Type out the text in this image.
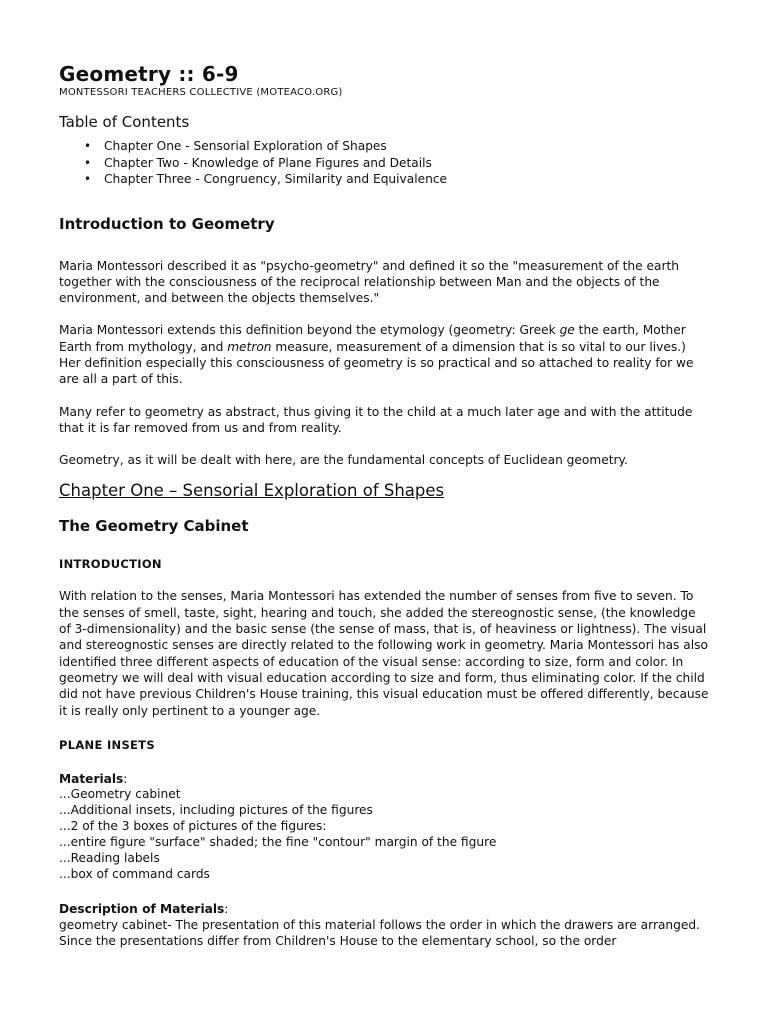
Geometry :: 6-9
MONTESSORI TEACHERS COLLECTIVE (MOTEACO.ORG)
Table of Contents
• Chapter One - Sensorial Exploration of Shapes
• Chapter Two - Knowledge of Plane Figures and Details
• Chapter Three - Congruency, Similarity and Equivalence
Introduction to Geometry

Maria Montessori described it as "psycho-geometry" and defined it so the "measurement of the earth together with the consciousness of the reciprocal relationship between Man and the objects of the environment, and between the objects themselves."

Maria Montessori extends this definition beyond the etymology (geometry: Greek ge the earth, Mother Earth from mythology, and metron measure, measurement of a dimension that is so vital to our lives.) Her definition especially this consciousness of geometry is so practical and so attached to reality for we are all a part of this.

Many refer to geometry as abstract, thus giving it to the child at a much later age and with the attitude that it is far removed from us and from reality.

Geometry, as it will be dealt with here, are the fundamental concepts of Euclidean geometry.

Chapter One – Sensorial Exploration of Shapes
The Geometry Cabinet
INTRODUCTION

With relation to the senses, Maria Montessori has extended the number of senses from five to seven. To the senses of smell, taste, sight, hearing and touch, she added the stereognostic sense, (the knowledge of 3-dimensionality) and the basic sense (the sense of mass, that is, of heaviness or lightness). The visual and stereognostic senses are directly related to the following work in geometry. Maria Montessori has also identified three different aspects of education of the visual sense: according to size, form and color. In geometry we will deal with visual education according to size and form, thus eliminating color. If the child did not have previous Children's House training, this visual education must be offered differently, because it is really only pertinent to a younger age.

PLANE INSETS
Materials:
...Geometry cabinet
...Additional insets, including pictures of the figures
...2 of the 3 boxes of pictures of the figures:
...entire figure "surface" shaded; the fine "contour" margin of the figure
...Reading labels
...box of command cards
Description of Materials:

geometry cabinet- The presentation of this material follows the order in which the drawers are arranged. Since the presentations differ from Children's House to the elementary school, so the order
